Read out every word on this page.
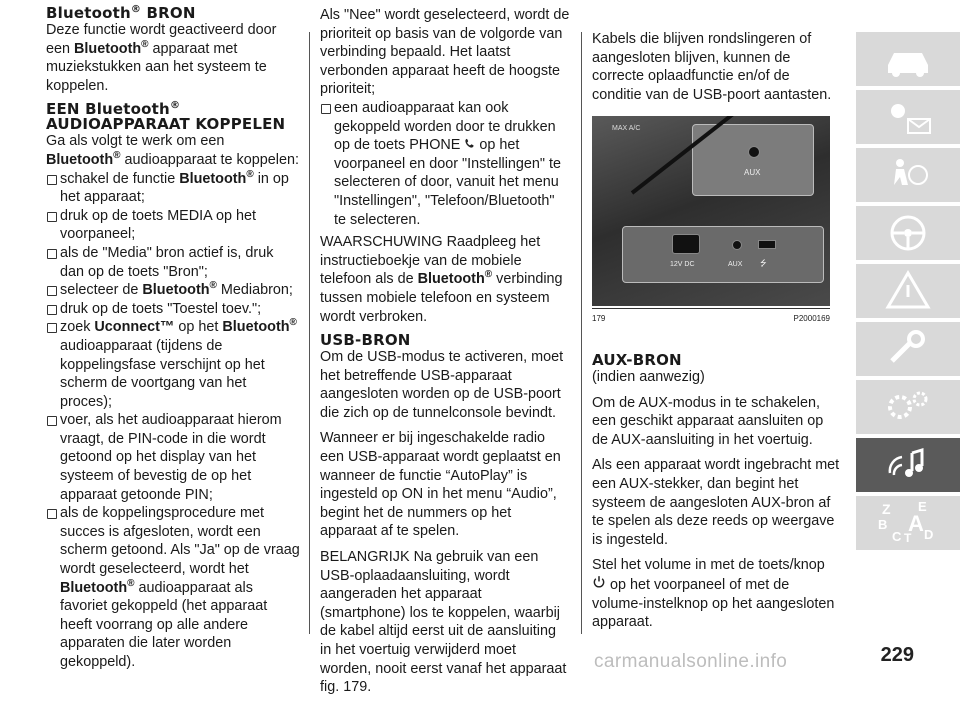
Bluetooth® BRON

Deze functie wordt geactiveerd door een Bluetooth® apparaat met muziekstukken aan het systeem te koppelen.

EEN Bluetooth®
AUDIOAPPARAAT KOPPELEN

Ga als volgt te werk om een Bluetooth® audioapparaat te koppelen:

schakel de functie Bluetooth® in op het apparaat;
druk op de toets MEDIA op het voorpaneel;
als de "Media" bron actief is, druk dan op de toets "Bron";
selecteer de Bluetooth® Mediabron;
druk op de toets "Toestel toev.";
zoek Uconnect™ op het Bluetooth® audioapparaat (tijdens de koppelingsfase verschijnt op het scherm de voortgang van het proces);
voer, als het audioapparaat hierom vraagt, de PIN-code in die wordt getoond op het display van het systeem of bevestig de op het apparaat getoonde PIN;
als de koppelingsprocedure met succes is afgesloten, wordt een scherm getoond. Als "Ja" op de vraag wordt geselecteerd, wordt het Bluetooth® audioapparaat als favoriet gekoppeld (het apparaat heeft voorrang op alle andere apparaten die later worden gekoppeld).

Als "Nee" wordt geselecteerd, wordt de prioriteit op basis van de volgorde van verbinding bepaald. Het laatst verbonden apparaat heeft de hoogste prioriteit;

een audioapparaat kan ook gekoppeld worden door te drukken op de toets PHONE op het voorpaneel en door "Instellingen" te selecteren of door, vanuit het menu "Instellingen", "Telefoon/Bluetooth" te selecteren.

WAARSCHUWING Raadpleeg het instructieboekje van de mobiele telefoon als de Bluetooth® verbinding tussen mobiele telefoon en systeem wordt verbroken.

USB-BRON

Om de USB-modus te activeren, moet het betreffende USB-apparaat aangesloten worden op de USB-poort die zich op de tunnelconsole bevindt.

Wanneer er bij ingeschakelde radio een USB-apparaat wordt geplaatst en wanneer de functie “AutoPlay” is ingesteld op ON in het menu “Audio”, begint het de nummers op het apparaat af te spelen.

BELANGRIJK Na gebruik van een USB-oplaadaansluiting, wordt aangeraden het apparaat (smartphone) los te koppelen, waarbij de kabel altijd eerst uit de aansluiting in het voertuig verwijderd moet worden, nooit eerst vanaf het apparaat fig. 179.

Kabels die blijven rondslingeren of aangesloten blijven, kunnen de correcte oplaadfunctie en/of de conditie van de USB-poort aantasten.

AUX
MAX A/C
12V DC	AUX ⭍
179	P2000169
AUX-BRON

(indien aanwezig)

Om de AUX-modus in te schakelen, een geschikt apparaat aansluiten op de AUX-aansluiting in het voertuig.

Als een apparaat wordt ingebracht met een AUX-stekker, dan begint het systeem de aangesloten AUX-bron af te spelen als deze reeds op weergave is ingesteld.

Stel het volume in met de toets/knop
op het voorpaneel of met de volume-instelknop op het aangesloten apparaat.

Z E
B A
C T D
229
carmanualsonline.info
